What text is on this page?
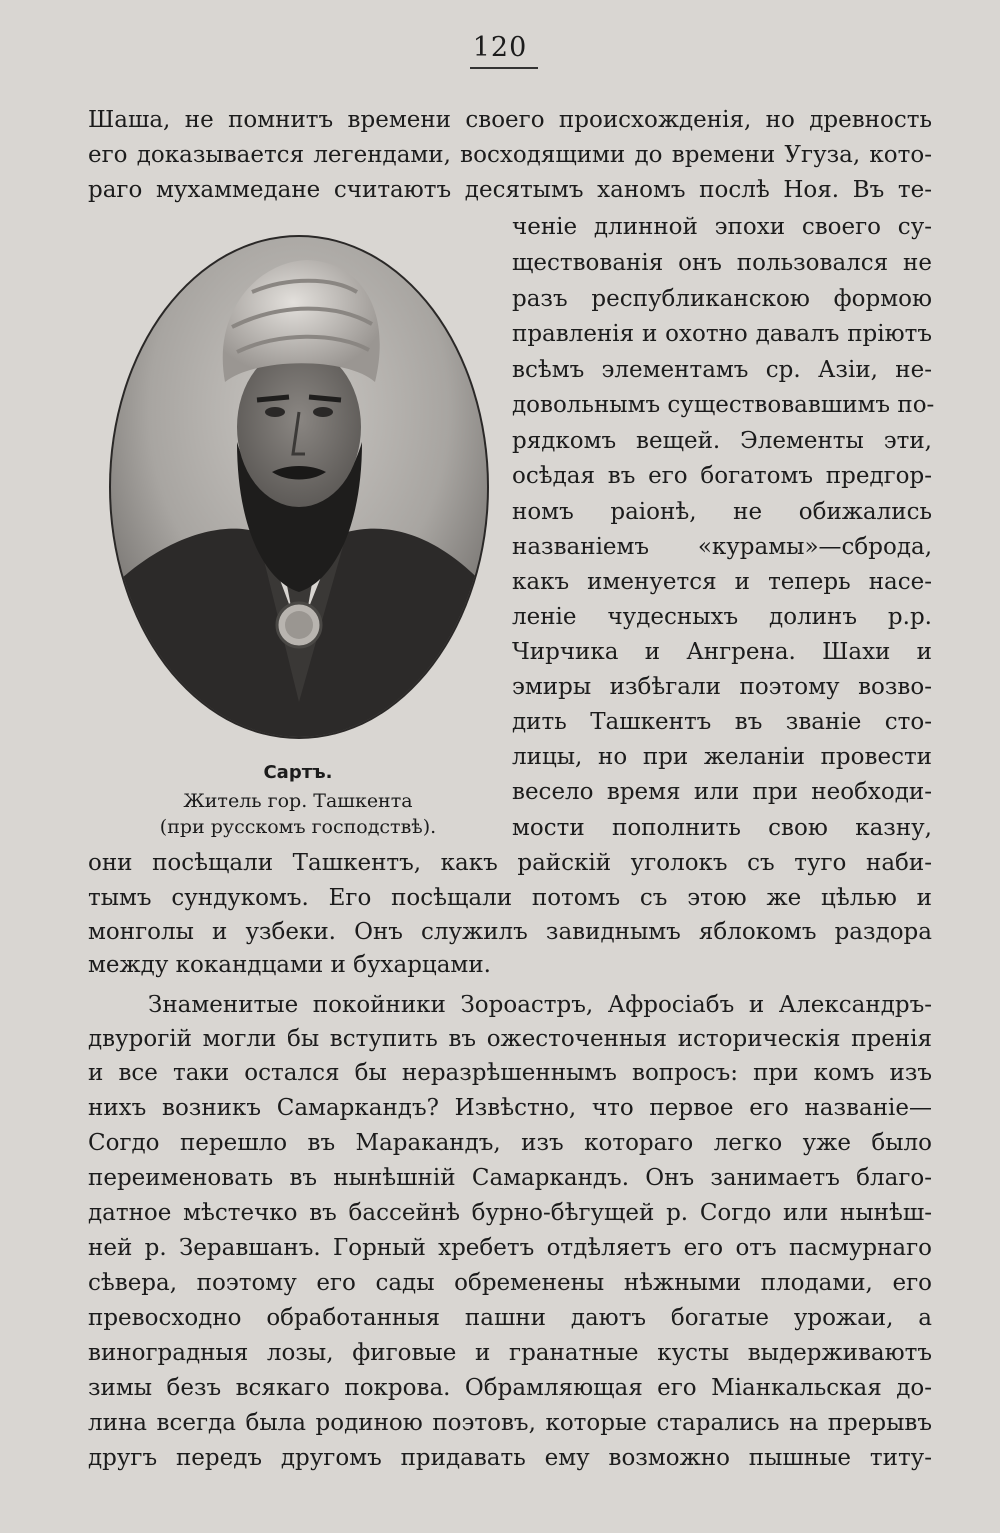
120
Шаша, не помнитъ времени своего происхожденія, но древность
его доказывается легендами, восходящими до времени Угуза, кото-
раго мухаммедане считаютъ десятымъ ханомъ послѣ Ноя. Въ те-
Сартъ.
Житель гор. Ташкента
(при русскомъ господствѣ).
ченіе длинной эпохи своего су-
ществованія онъ пользовался не
разъ республиканскою формою
правленія и охотно давалъ пріютъ
всѣмъ элементамъ ср. Азіи, не-
довольнымъ существовавшимъ по-
рядкомъ вещей. Элементы эти,
осѣдая въ его богатомъ предгор-
номъ раіонѣ, не обижались
названіемъ «курамы»—сброда,
какъ именуется и теперь насе-
леніе чудесныхъ долинъ р.р.
Чирчика и Ангрена. Шахи и
эмиры избѣгали поэтому возво-
дить Ташкентъ въ званіе сто-
лицы, но при желаніи провести
весело время или при необходи-
мости пополнить свою казну,
они посѣщали Ташкентъ, какъ райскій уголокъ съ туго наби-
тымъ сундукомъ. Его посѣщали потомъ съ этою же цѣлью и
монголы и узбеки. Онъ служилъ завиднымъ яблокомъ раздора
между кокандцами и бухарцами.
Знаменитые покойники Зороастръ, Афросіабъ и Александръ-
двурогій могли бы вступить въ ожесточенныя историческія пренія
и все таки остался бы неразрѣшеннымъ вопросъ: при комъ изъ
нихъ возникъ Самаркандъ? Извѣстно, что первое его названіе—
Согдо перешло въ Маракандъ, изъ котораго легко уже было
переименовать въ нынѣшній Самаркандъ. Онъ занимаетъ благо-
датное мѣстечко въ бассейнѣ бурно-бѣгущей р. Согдо или нынѣш-
ней р. Зеравшанъ. Горный хребетъ отдѣляетъ его отъ пасмурнаго
сѣвера, поэтому его сады обременены нѣжными плодами, его
превосходно обработанныя пашни даютъ богатые урожаи, а
виноградныя лозы, фиговые и гранатные кусты выдерживаютъ
зимы безъ всякаго покрова. Обрамляющая его Міанкальская до-
лина всегда была родиною поэтовъ, которые старались на прерывъ
другъ передъ другомъ придавать ему возможно пышные титу-
